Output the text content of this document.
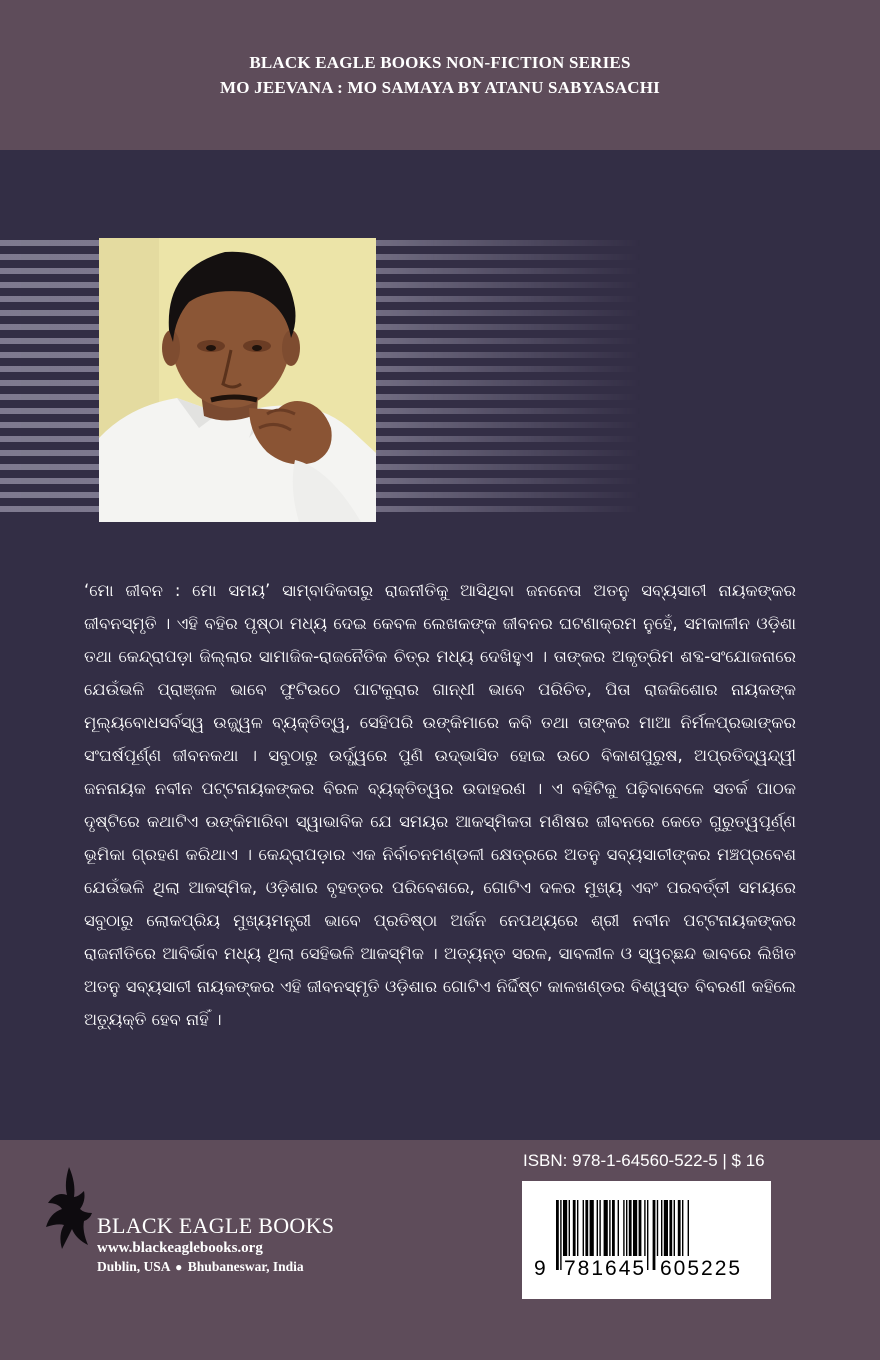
BLACK EAGLE BOOKS NON-FICTION SERIES
MO JEEVANA : MO SAMAYA BY ATANU SABYASACHI
‘ମୋ ଜୀବନ : ମୋ ସମୟ’ ସାମ୍ବାଦିକତାରୁ ରାଜନୀତିକୁ ଆସିଥିବା ଜନନେତା ଅତନୁ ସବ୍ୟସାଚୀ ନାୟକଙ୍କର ଜୀବନସ୍ମୃତି । ଏହି ବହିର ପୃଷ୍ଠା ମଧ୍ୟ ଦେଇ କେବଳ ଲେଖକଙ୍କ ଜୀବନର ଘଟଣାକ୍ରମ ନୁହେଁ, ସମକାଳୀନ ଓଡ଼ିଶା ତଥା କେନ୍ଦ୍ରାପଡ଼ା ଜିଲ୍ଲାର ସାମାଜିକ-ରାଜନୈତିକ ଚିତ୍ର ମଧ୍ୟ ଦେଖିହୁଏ । ତାଙ୍କର ଅକୃତ୍ରିମ ଶବ୍ଦ-ସଂଯୋଜନାରେ ଯେଉଁଭଳି ପ୍ରାଞ୍ଜଳ ଭାବେ ଫୁଟିଉଠେ ପାଟକୁରାର ଗାନ୍ଧୀ ଭାବେ ପରିଚିତ, ପିତା ରାଜକିଶୋର ନାୟକଙ୍କ ମୂଲ୍ୟବୋଧସର୍ବସ୍ୱ ଉଜ୍ଜ୍ୱଳ ବ୍ୟକ୍ତିତ୍ୱ, ସେହିପରି ଉଙ୍କିମାରେ କବି ତଥା ତାଙ୍କର ମାଆ ନିର୍ମଳପ୍ରଭାଙ୍କର ସଂଘର୍ଷପୂର୍ଣ୍ଣ ଜୀବନକଥା । ସବୁଠାରୁ ଉର୍ଦ୍ଧ୍ୱରେ ପୁଣି ଉଦ୍‌ଭାସିତ ହୋଇ ଉଠେ ବିକାଶପୁରୁଷ, ଅପ୍ରତିଦ୍ୱନ୍ଦ୍ୱୀ ଜନନାୟକ ନବୀନ ପଟ୍ଟନାୟକଙ୍କର ବିରଳ ବ୍ୟକ୍ତିତ୍ୱର ଉଦାହରଣ । ଏ ବହିଟିକୁ ପଢ଼ିବାବେଳେ ସତର୍କ ପାଠକ ଦୃଷ୍ଟିରେ କଥାଟିଏ ଉଙ୍କିମାରିବା ସ୍ୱାଭାବିକ ଯେ ସମୟର ଆକସ୍ମିକତା ମଣିଷର ଜୀବନରେ କେତେ ଗୁରୁତ୍ୱପୂର୍ଣ୍ଣ ଭୂମିକା ଗ୍ରହଣ କରିଥାଏ । କେନ୍ଦ୍ରାପଡ଼ାର ଏକ ନିର୍ବାଚନମଣ୍ଡଳୀ କ୍ଷେତ୍ରରେ ଅତନୁ ସବ୍ୟସାଚୀଙ୍କର ମଞ୍ଚପ୍ରବେଶ ଯେଉଁଭଳି ଥିଲା ଆକସ୍ମିକ, ଓଡ଼ିଶାର ବୃହତ୍ତର ପରିବେଶରେ, ଗୋଟିଏ ଦଳର ମୁଖ୍ୟ ଏବଂ ପରବର୍ତ୍ତୀ ସମୟରେ ସବୁଠାରୁ ଲୋକପ୍ରିୟ ମୁଖ୍ୟମନ୍ତ୍ରୀ ଭାବେ ପ୍ରତିଷ୍ଠା ଅର୍ଜନ ନେପଥ୍ୟରେ ଶ୍ରୀ ନବୀନ ପଟ୍ଟନାୟକଙ୍କର ରାଜନୀତିରେ ଆବିର୍ଭାବ ମଧ୍ୟ ଥିଲା ସେହିଭଳି ଆକସ୍ମିକ । ଅତ୍ୟନ୍ତ ସରଳ, ସାବଲୀଳ ଓ ସ୍ୱଚ୍ଛନ୍ଦ ଭାବରେ ଲିଖିତ ଅତନୁ ସବ୍ୟସାଚୀ ନାୟକଙ୍କର ଏହି ଜୀବନସ୍ମୃତି ଓଡ଼ିଶାର ଗୋଟିଏ ନିର୍ଦ୍ଦିଷ୍ଟ କାଳଖଣ୍ଡର ବିଶ୍ୱସ୍ତ ବିବରଣୀ କହିଲେ ଅତ୍ୟୁକ୍ତି ହେବ ନାହିଁ ।
BLACK EAGLE BOOKS
www.blackeaglebooks.org
Dublin, USA ● Bhubaneswar, India
ISBN: 978-1-64560-522-5 | $ 16
9 781645 605225
